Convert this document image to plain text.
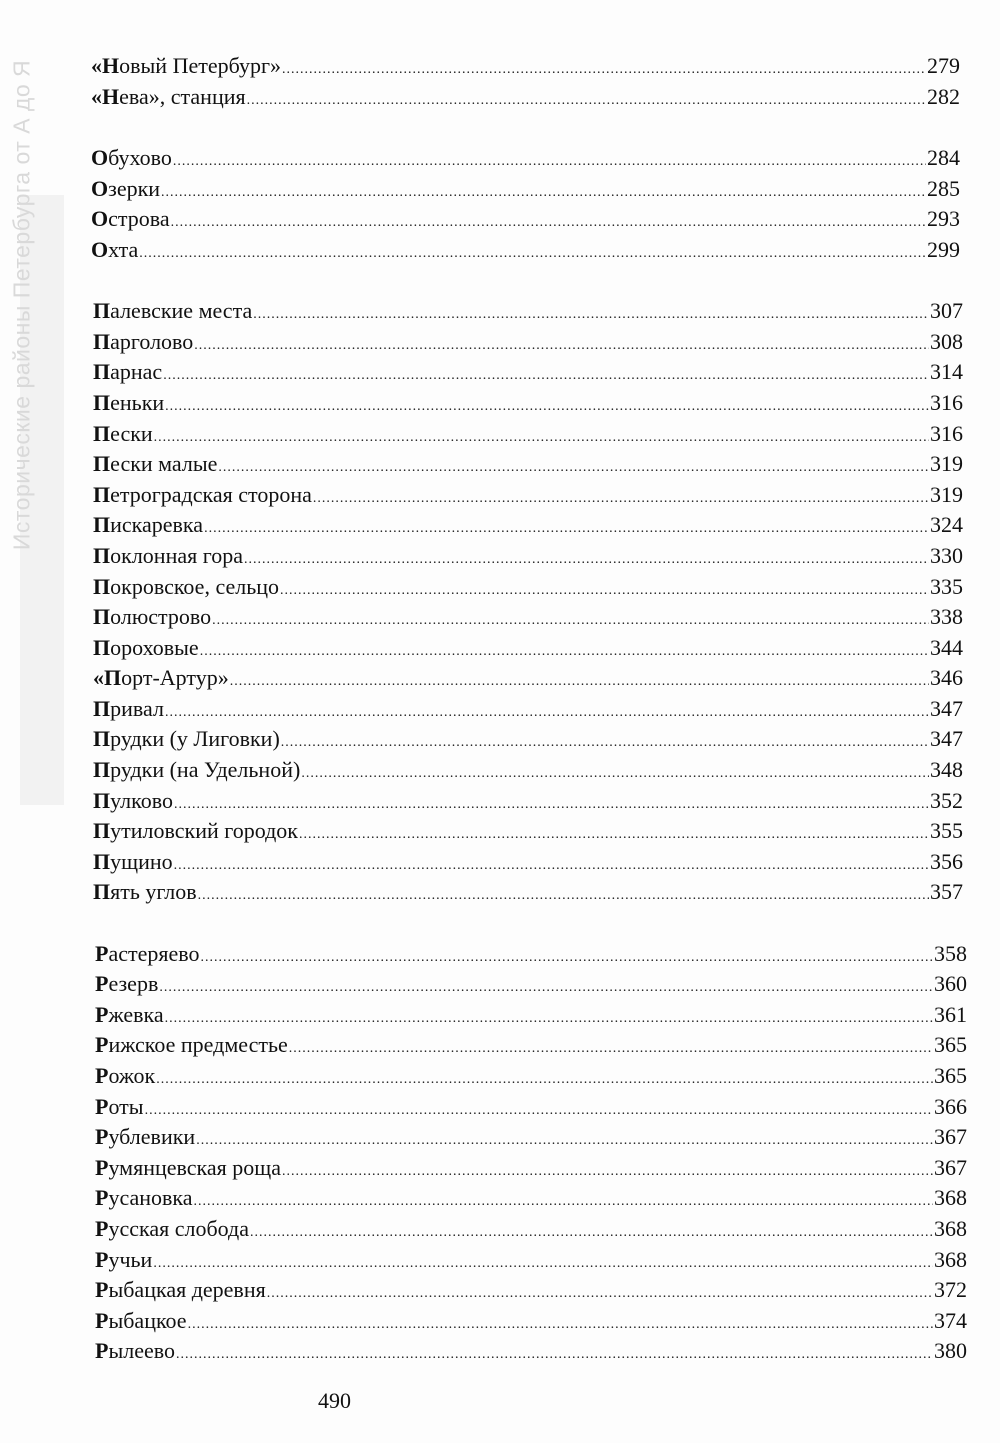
Исторические районы Петербурга от А до Я	«Новый Петербург» .....	279
«Нева», станция .....	282
Обухово .....	284
Озерки .....	285
Острова .....	293
Охта .....	299
Палевские места .....	307
Парголово .....	308
Парнас .....	314
Пеньки .....	316
Пески .....	316
Пески малые .....	319
Петроградская сторона .....	319
Пискаревка .....	324
Поклонная гора .....	330
Покровское, сельцо .....	335
Полюстрово .....	338
Пороховые .....	344
«Порт-Артур» .....	346
Привал .....	347
Прудки (у Лиговки) .....	347
Прудки (на Удельной) .....	348
Пулково .....	352
Путиловский городок .....	355
Пущино .....	356
Пять углов .....	357
Растеряево .....	358
Резерв .....	360
Ржевка .....	361
Рижское предместье .....	365
Рожок .....	365
Роты .....	366
Рублевики .....	367
Румянцевская роща .....	367
Русановка .....	368
Русская слобода .....	368
Ручьи .....	368
Рыбацкая деревня .....	372
Рыбацкое .....	374
Рылеево .....	380
490
